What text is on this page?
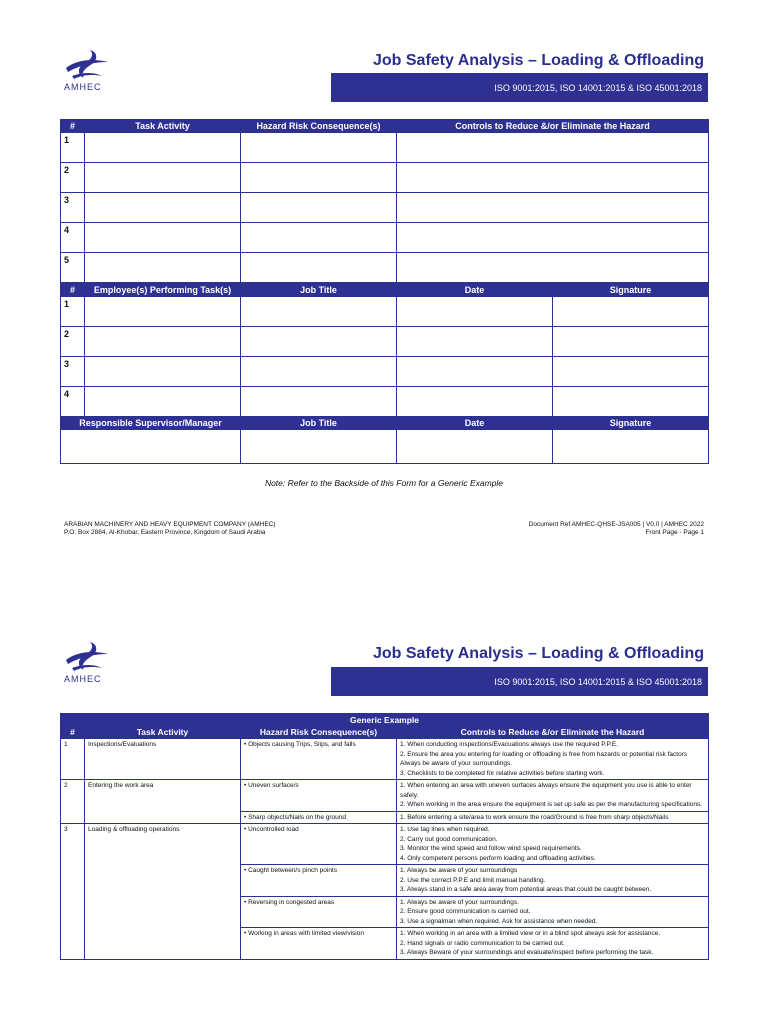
AMHEC
Job Safety Analysis – Loading & Offloading
ISO 9001:2015, ISO 14001:2015 & ISO 45001:2018
#	Task Activity	Hazard Risk Consequence(s)	Controls to Reduce &/or Eliminate the Hazard
1			
2			
3			
4			
5			
#	Employee(s) Performing Task(s)	Job Title	Date	Signature
1				
2				
3				
4				
Responsible Supervisor/Manager	Job Title	Date	Signature

Note: Refer to the Backside of this Form for a Generic Example
ARABIAN MACHINERY AND HEAVY EQUIPMENT COMPANY (AMHEC)
P.O. Box 2884, Al-Khobar, Eastern Province, Kingdom of Saudi Arabia
Document Ref AMHEC-QHSE-JSA005 | V0.0 | AMHEC 2022
Front Page - Page 1
AMHEC
Job Safety Analysis – Loading & Offloading
ISO 9001:2015, ISO 14001:2015 & ISO 45001:2018
Generic Example			
#	Task Activity	Hazard Risk Consequence(s)	Controls to Reduce &/or Eliminate the Hazard
1	Inspections/Evaluations	• Objects causing Trips, Slips, and falls	1. When conducting inspections/Evacuations always use the required P.P.E.
2. Ensure the area you entering for loading or offloading is free from hazards or potential risk factors Always be aware of your surroundings.
3. Checklists to be completed for relative activities before starting work.

2	Entering the work area	• Uneven surface/s	1. When entering an area with uneven surfaces always ensure the equipment you use is able to enter safely.
2. When working in the area ensure the equipment is set up safe as per the manufacturing specifications.

		• Sharp objects/Nails on the ground	1. Before entering a site/area to work ensure the road/Ground is free from sharp objects/Nails

3	Loading & offloading operations	• Uncontrolled load	1. Use tag lines when required.
2. Carry out good communication.
3. Monitor the wind speed and follow wind speed requirements.
4. Only competent persons perform loading and offloading activities.

		• Caught between/s pinch points	1. Always be aware of your surroundings
2. Use the correct P.P.E and limit manual handling.
3. Always stand in a safe area away from potential areas that could be caught between.

		• Reversing in congested areas	1. Always be aware of your surroundings.
2. Ensure good communication is carried out.
3. Use a signalman when required. Ask for assistance when needed.

		• Working in areas with limited view/vision	1. When working in an area with a limited view or in a blind spot always ask for assistance.
2. Hand signals or radio communication to be carried out.
3. Always Beware of your surroundings and evaluate/inspect before performing the task.
